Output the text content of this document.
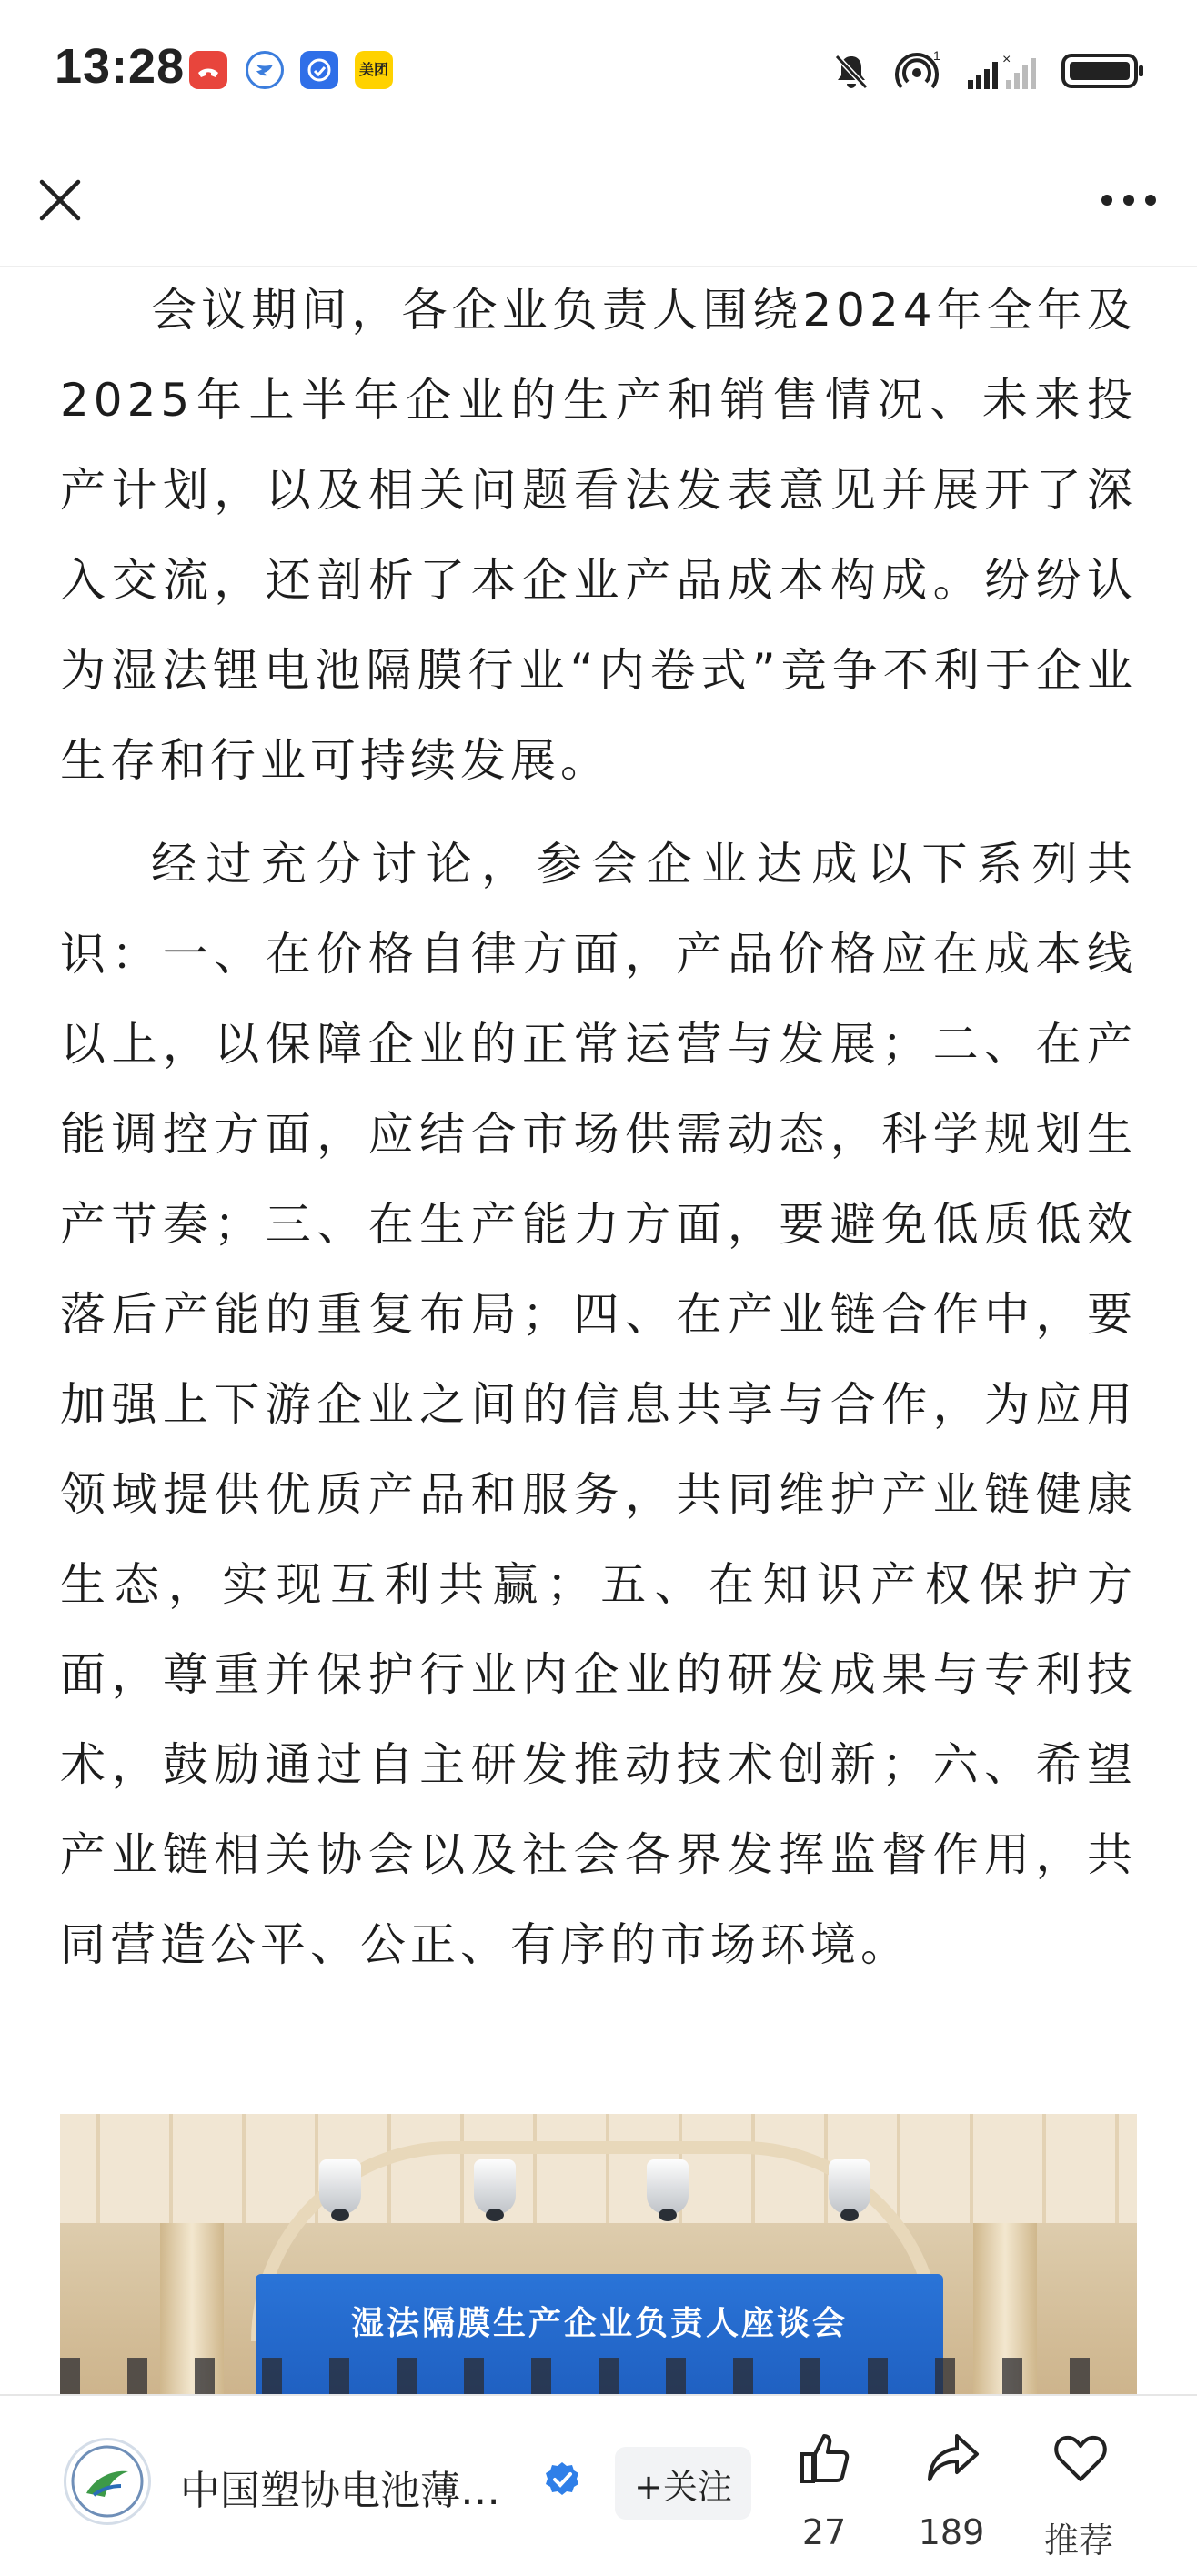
13:28	美团
1	×

会议期间，各企业负责人围绕2024年全年及2025年上半年企业的生产和销售情况、未来投产计划，以及相关问题看法发表意见并展开了深入交流，还剖析了本企业产品成本构成。纷纷认为湿法锂电池隔膜行业“内卷式”竞争不利于企业生存和行业可持续发展。

经过充分讨论，参会企业达成以下系列共识：一、在价格自律方面，产品价格应在成本线以上，以保障企业的正常运营与发展；二、在产能调控方面，应结合市场供需动态，科学规划生产节奏；三、在生产能力方面，要避免低质低效落后产能的重复布局；四、在产业链合作中，要加强上下游企业之间的信息共享与合作，为应用领域提供优质产品和服务，共同维护产业链健康生态，实现互利共赢；五、在知识产权保护方面，尊重并保护行业内企业的研发成果与专利技术，鼓励通过自主研发推动技术创新；六、希望产业链相关协会以及社会各界发挥监督作用，共同营造公平、公正、有序的市场环境。

湿法隔膜生产企业负责人座谈会
中国塑协电池薄…	+关注
27	189	推荐
